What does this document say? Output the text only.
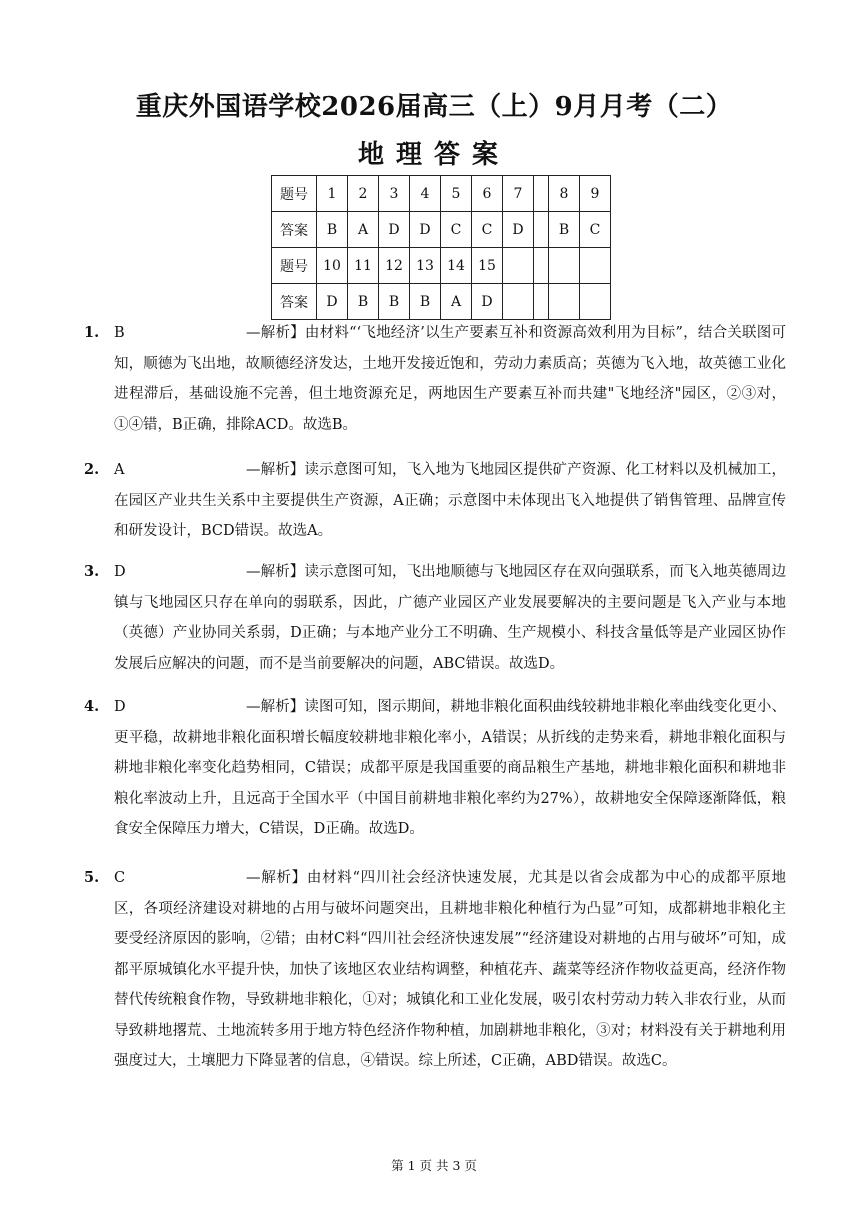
重庆外国语学校2026届高三（上）9月月考（二）
地理答案
题号	1	2	3	4	5	6	7		8	9
答案	B	A	D	D	C	C	D		B	C
题号	10	11	12	13	14	15				
答案	D	B	B	B	A	D				
1. B	—解析】由材料“‘飞地经济’以生产要素互补和资源高效利用为目标”，结合关联图可知，顺德为飞出地，故顺德经济发达，土地开发接近饱和，劳动力素质高；英德为飞入地，故英德工业化进程滞后，基础设施不完善，但土地资源充足，两地因生产要素互补而共建"飞地经济"园区，②③对，①④错，B正确，排除ACD。故选B。

2. A	—解析】读示意图可知，飞入地为飞地园区提供矿产资源、化工材料以及机械加工，在园区产业共生关系中主要提供生产资源，A正确；示意图中未体现出飞入地提供了销售管理、品牌宣传和研发设计，BCD错误。故选A。

3. D	—解析】读示意图可知，飞出地顺德与飞地园区存在双向强联系，而飞入地英德周边镇与飞地园区只存在单向的弱联系，因此，广德产业园区产业发展要解决的主要问题是飞入产业与本地（英德）产业协同关系弱，D正确；与本地产业分工不明确、生产规模小、科技含量低等是产业园区协作发展后应解决的问题，而不是当前要解决的问题，ABC错误。故选D。

4. D	—解析】读图可知，图示期间，耕地非粮化面积曲线较耕地非粮化率曲线变化更小、更平稳，故耕地非粮化面积增长幅度较耕地非粮化率小，A错误；从折线的走势来看，耕地非粮化面积与耕地非粮化率变化趋势相同，C错误；成都平原是我国重要的商品粮生产基地，耕地非粮化面积和耕地非粮化率波动上升，且远高于全国水平（中国目前耕地非粮化率约为27%），故耕地安全保障逐渐降低，粮食安全保障压力增大，C错误，D正确。故选D。

5. C	—解析】由材料“四川社会经济快速发展，尤其是以省会成都为中心的成都平原地区，各项经济建设对耕地的占用与破坏问题突出，且耕地非粮化种植行为凸显”可知，成都耕地非粮化主要受经济原因的影响，②错；由材C料“四川社会经济快速发展”“经济建设对耕地的占用与破坏”可知，成都平原城镇化水平提升快，加快了该地区农业结构调整，种植花卉、蔬菜等经济作物收益更高，经济作物替代传统粮食作物，导致耕地非粮化，①对；城镇化和工业化发展，吸引农村劳动力转入非农行业，从而导致耕地撂荒、土地流转多用于地方特色经济作物种植，加剧耕地非粮化，③对；材料没有关于耕地利用强度过大，土壤肥力下降显著的信息，④错误。综上所述，C正确，ABD错误。故选C。

第 1 页 共 3 页
